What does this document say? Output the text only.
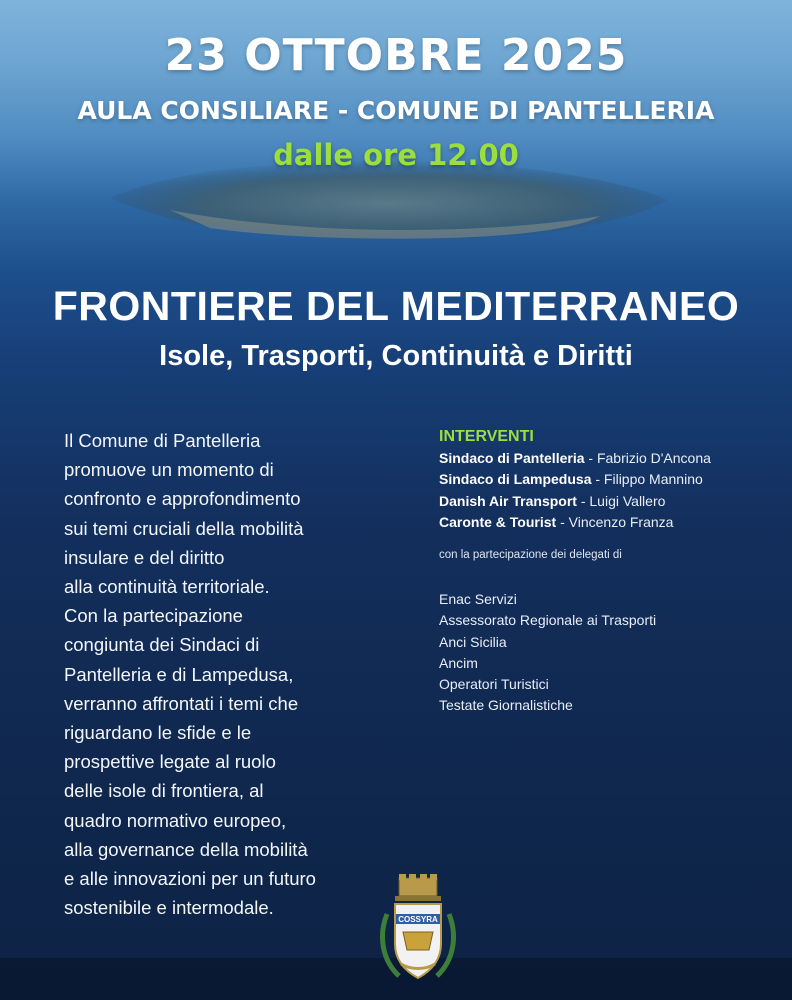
23 OTTOBRE 2025
AULA CONSILIARE - COMUNE DI PANTELLERIA
dalle ore 12.00
FRONTIERE DEL MEDITERRANEO
Isole, Trasporti, Continuità e Diritti
Il Comune di Pantelleria
promuove un momento di
confronto e approfondimento
sui temi cruciali della mobilità
insulare e del diritto
alla continuità territoriale.
Con la partecipazione
congiunta dei Sindaci di
Pantelleria e di Lampedusa,
verranno affrontati i temi che
riguardano le sfide e le
prospettive legate al ruolo
delle isole di frontiera, al
quadro normativo europeo,
alla governance della mobilità
e alle innovazioni per un futuro
sostenibile e intermodale.
INTERVENTI
Sindaco di Pantelleria - Fabrizio D'Ancona
Sindaco di Lampedusa - Filippo Mannino
Danish Air Transport - Luigi Vallero
Caronte & Tourist - Vincenzo Franza
con la partecipazione dei delegati di
Enac Servizi
Assessorato Regionale ai Trasporti
Anci Sicilia
Ancim
Operatori Turistici
Testate Giornalistiche
COSSYRA
